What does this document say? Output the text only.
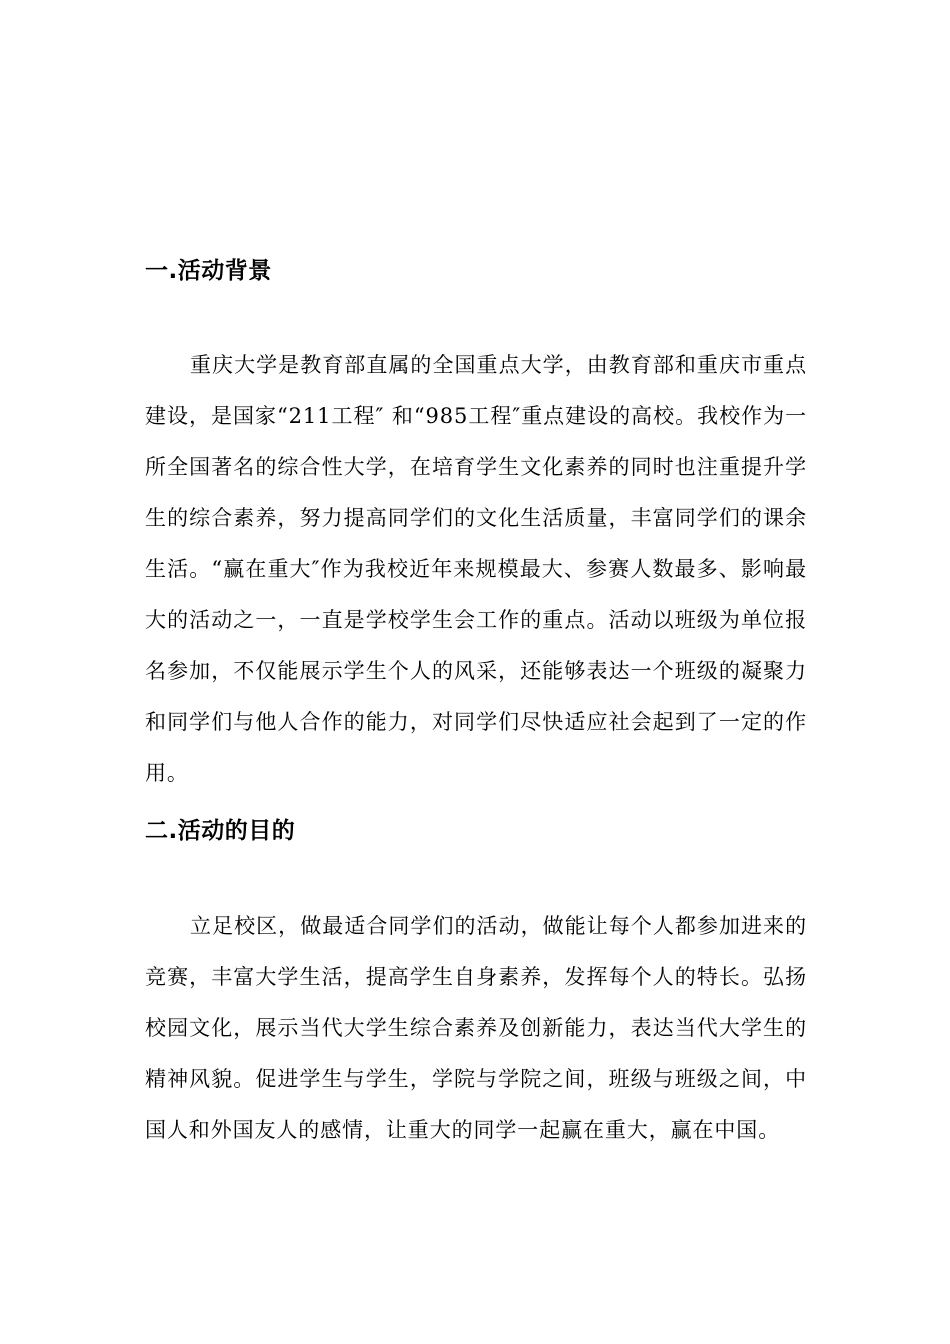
一.活动背景

重庆大学是教育部直属的全国重点大学，由教育部和重庆市重点建设，是国家“211工程″ 和“985工程″重点建设的高校。我校作为一所全国著名的综合性大学，在培育学生文化素养的同时也注重提升学生的综合素养，努力提高同学们的文化生活质量，丰富同学们的课余生活。“赢在重大″作为我校近年来规模最大、参赛人数最多、影响最大的活动之一，一直是学校学生会工作的重点。活动以班级为单位报名参加，不仅能展示学生个人的风采，还能够表达一个班级的凝聚力和同学们与他人合作的能力，对同学们尽快适应社会起到了一定的作用。

二.活动的目的

立足校区，做最适合同学们的活动，做能让每个人都参加进来的竞赛，丰富大学生活，提高学生自身素养，发挥每个人的特长。弘扬校园文化，展示当代大学生综合素养及创新能力，表达当代大学生的精神风貌。促进学生与学生，学院与学院之间，班级与班级之间，中国人和外国友人的感情，让重大的同学一起赢在重大，赢在中国。
